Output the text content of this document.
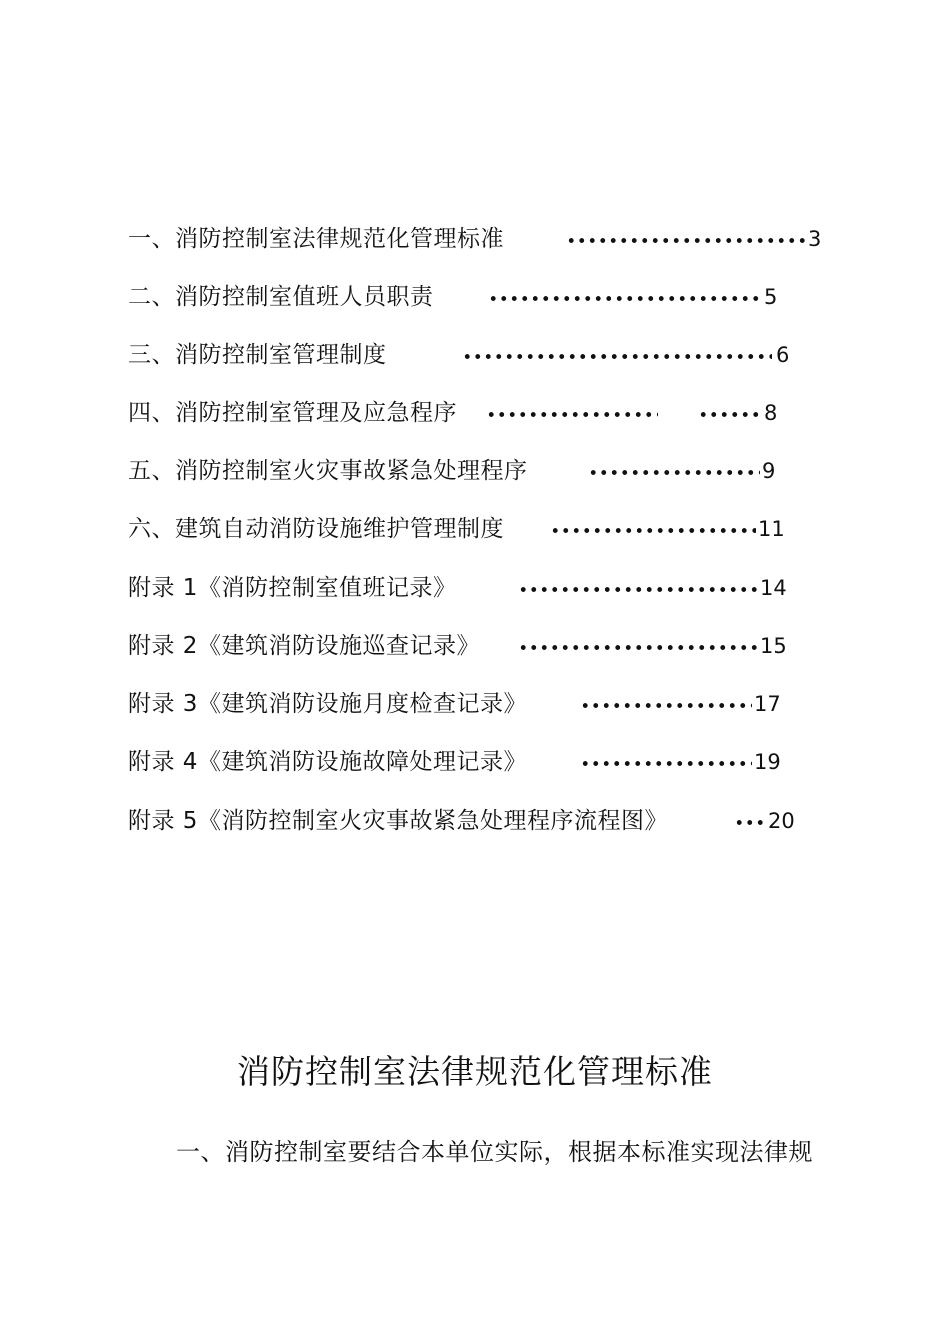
一、消防控制室法律规范化管理标准	3
二、消防控制室值班人员职责	5
三、消防控制室管理制度	6
四、消防控制室管理及应急程序	8
五、消防控制室火灾事故紧急处理程序	9
六、建筑自动消防设施维护管理制度	11
附录 1《消防控制室值班记录》	14
附录 2《建筑消防设施巡查记录》	15
附录 3《建筑消防设施月度检查记录》	17
附录 4《建筑消防设施故障处理记录》	19
附录 5《消防控制室火灾事故紧急处理程序流程图》	20
消防控制室法律规范化管理标准
一、消防控制室要结合本单位实际，根据本标准实现法律规
